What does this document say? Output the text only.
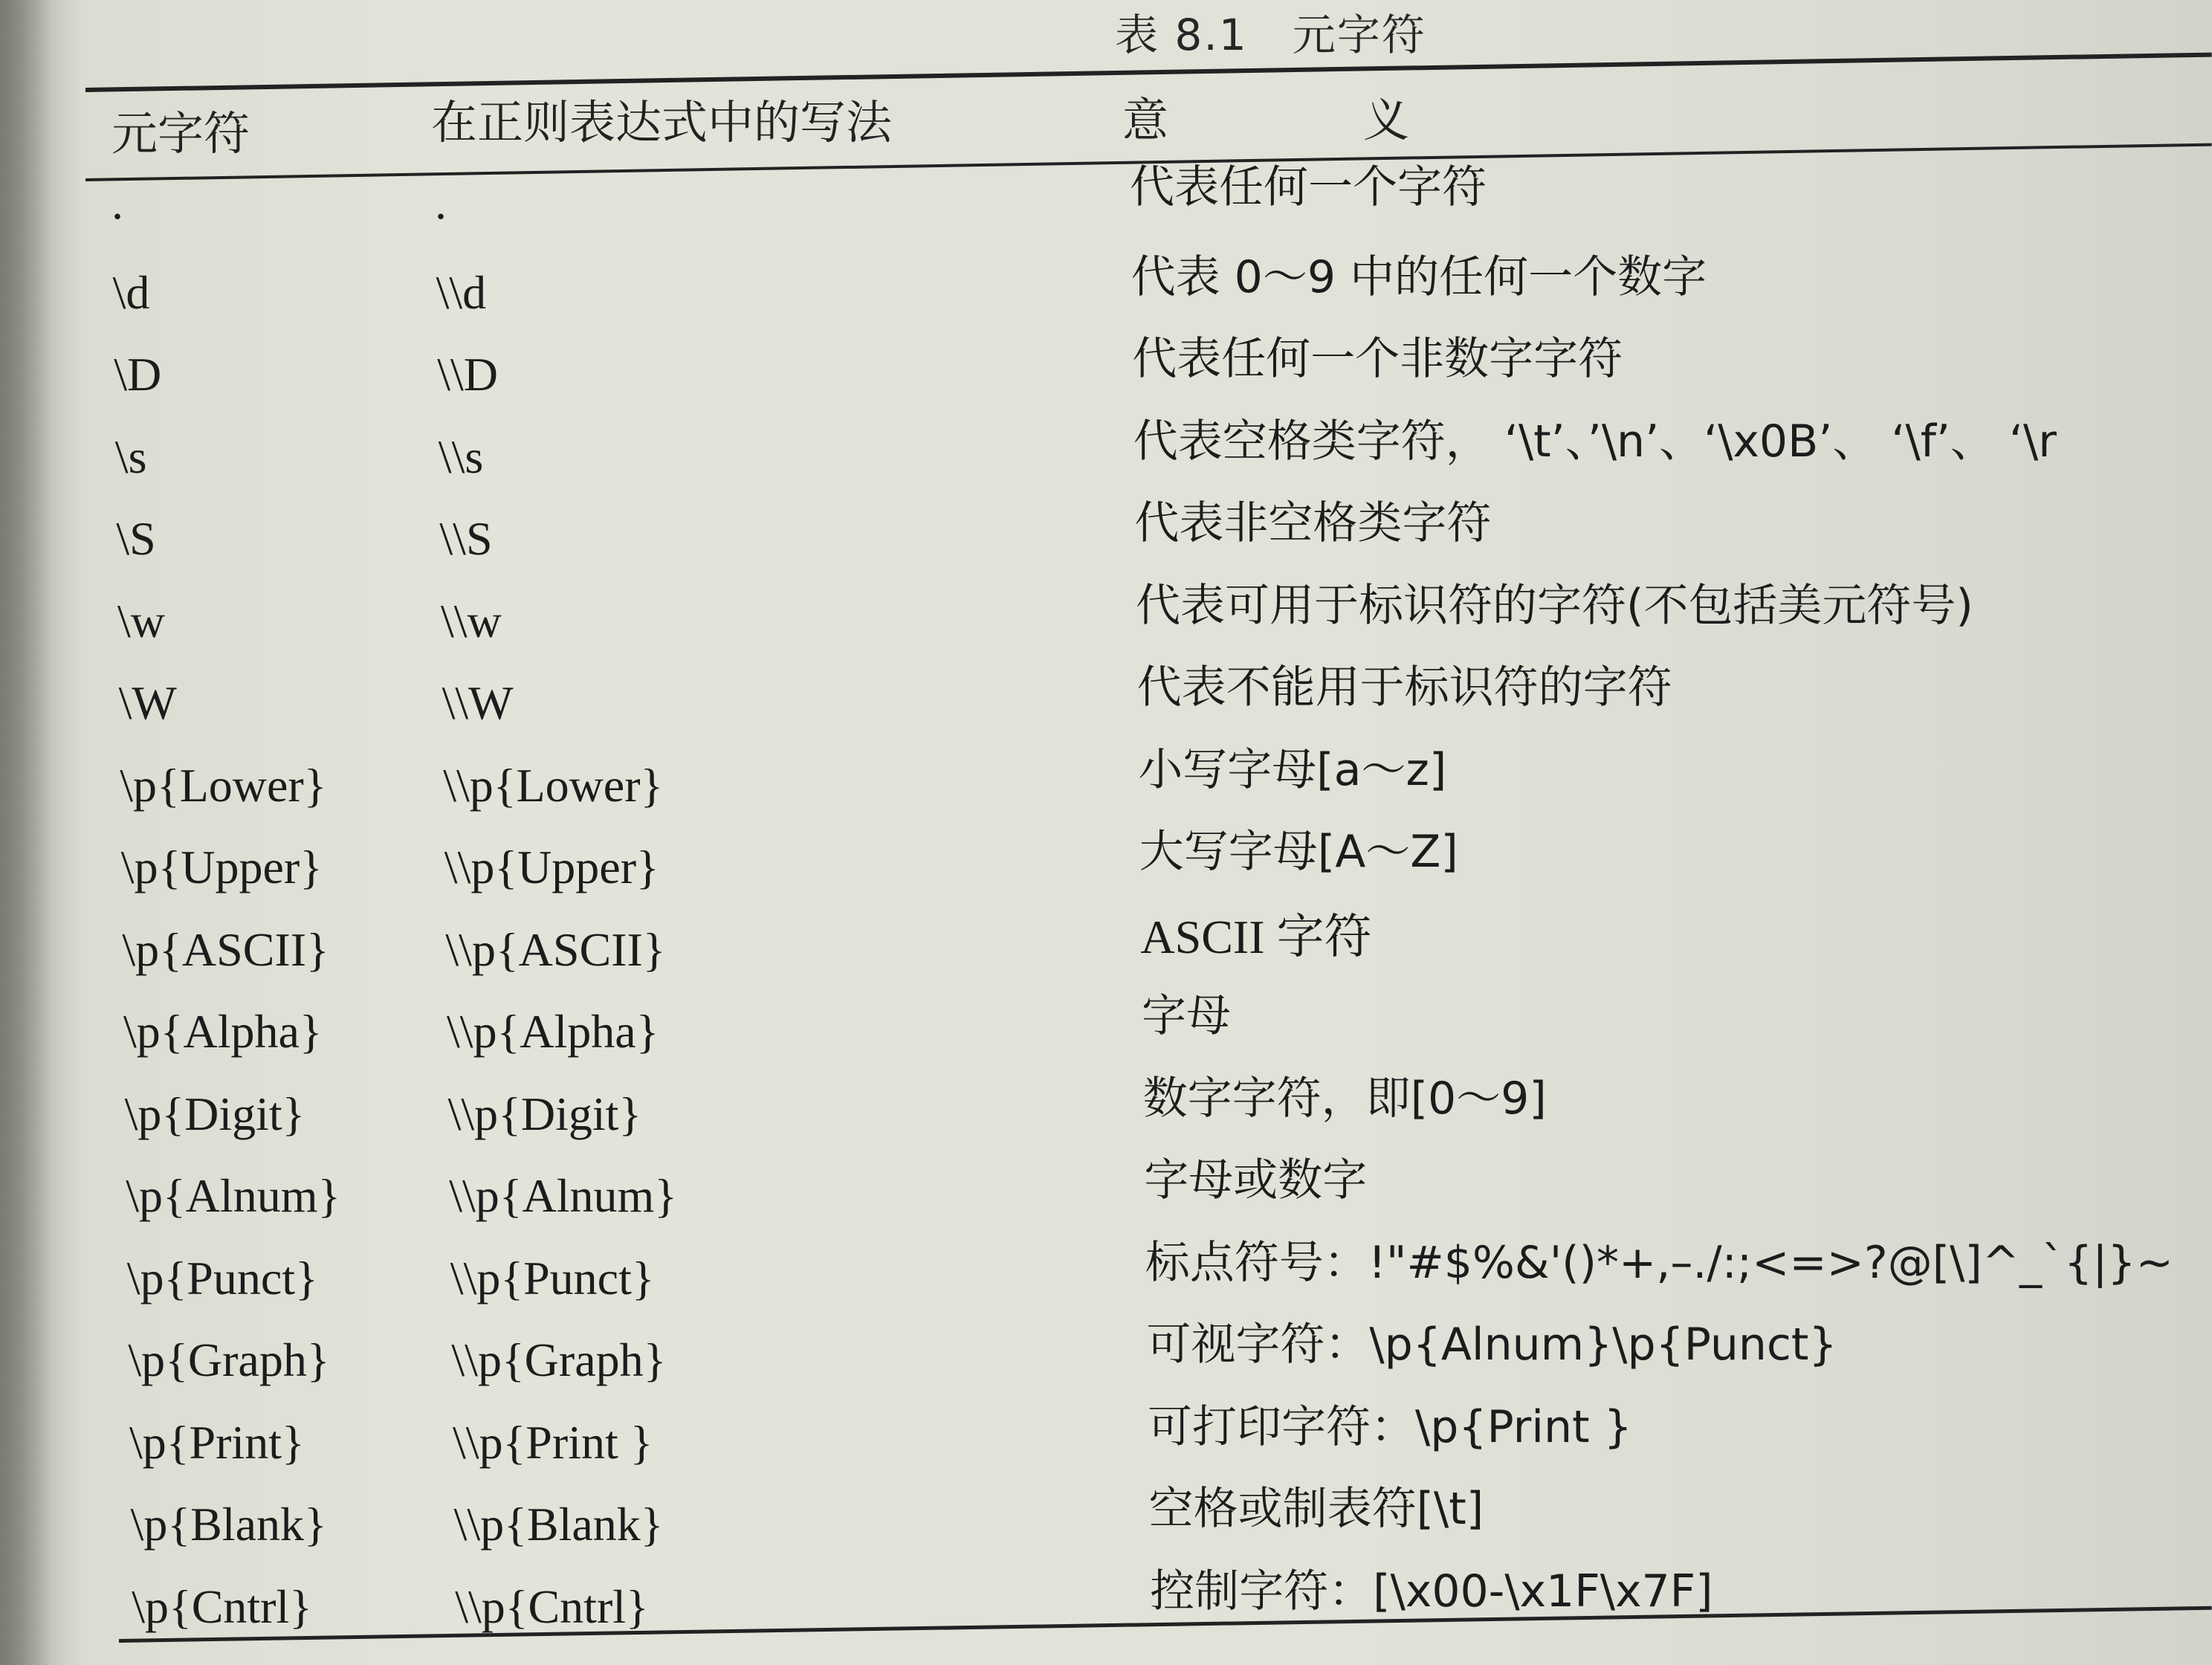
表 8.1 元字符
元字符	在正则表达式中的写法	意　义
.	.	代表任何一个字符
\d	\\d	代表 0～9 中的任何一个数字
\D	\\D	代表任何一个非数字字符
\s	\\s	代表空格类字符， ‘\t’、’\n’、‘\x0B’、 ‘\f’、 ‘\r
\S	\\S	代表非空格类字符
\w	\\w	代表可用于标识符的字符(不包括美元符号)
\W	\\W	代表不能用于标识符的字符
\p{Lower} \\p{Lower}	小写字母[a～z]
\p{Upper}	\\p{Upper}	大写字母[A～Z]
\p{ASCII} \\p{ASCII}	ASCII 字符
\p{Alpha}	\\p{Alpha}	字母
\p{Digit}	\\p{Digit}	数字字符，即[0～9]
\p{Alnum} \\p{Alnum}	字母或数字
\p{Punct}	\\p{Punct}	标点符号：!"#$%&'()*+,–./:;<=>?@[\]^_`{|}~
\p{Graph}	\\p{Graph}	可视字符：\p{Alnum}\p{Punct}
\p{Print}	\\p{Print }	可打印字符：\p{Print }
\p{Blank}	\\p{Blank}	空格或制表符[\t]
\p{Cntrl}	\\p{Cntrl}	控制字符：[\x00-\x1F\x7F]
